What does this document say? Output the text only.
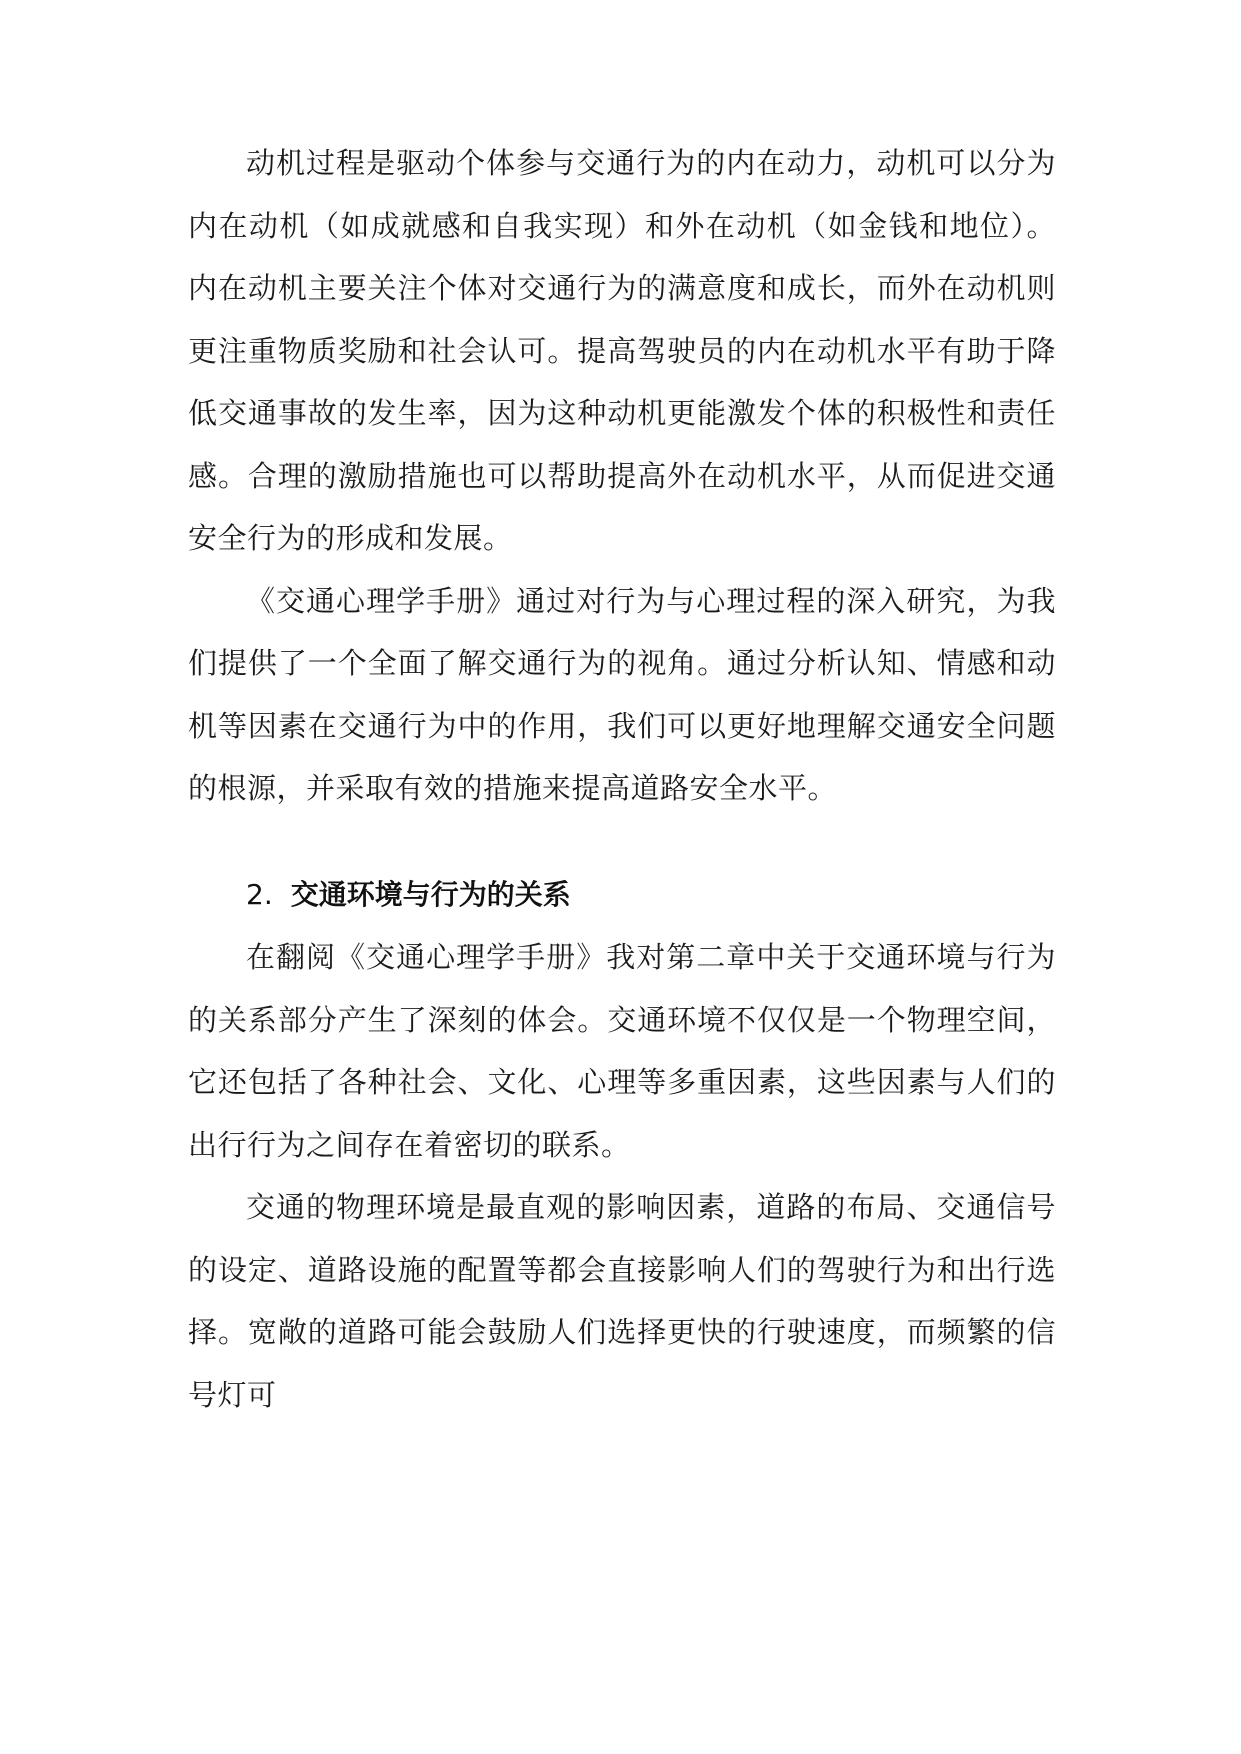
动机过程是驱动个体参与交通行为的内在动力，动机可以分为内在动机（如成就感和自我实现）和外在动机（如金钱和地位）。内在动机主要关注个体对交通行为的满意度和成长，而外在动机则更注重物质奖励和社会认可。提高驾驶员的内在动机水平有助于降低交通事故的发生率，因为这种动机更能激发个体的积极性和责任感。合理的激励措施也可以帮助提高外在动机水平，从而促进交通安全行为的形成和发展。

《交通心理学手册》通过对行为与心理过程的深入研究，为我们提供了一个全面了解交通行为的视角。通过分析认知、情感和动机等因素在交通行为中的作用，我们可以更好地理解交通安全问题的根源，并采取有效的措施来提高道路安全水平。

2. 交通环境与行为的关系

在翻阅《交通心理学手册》我对第二章中关于交通环境与行为的关系部分产生了深刻的体会。交通环境不仅仅是一个物理空间，它还包括了各种社会、文化、心理等多重因素，这些因素与人们的出行行为之间存在着密切的联系。

交通的物理环境是最直观的影响因素，道路的布局、交通信号的设定、道路设施的配置等都会直接影响人们的驾驶行为和出行选择。宽敞的道路可能会鼓励人们选择更快的行驶速度，而频繁的信号灯可
